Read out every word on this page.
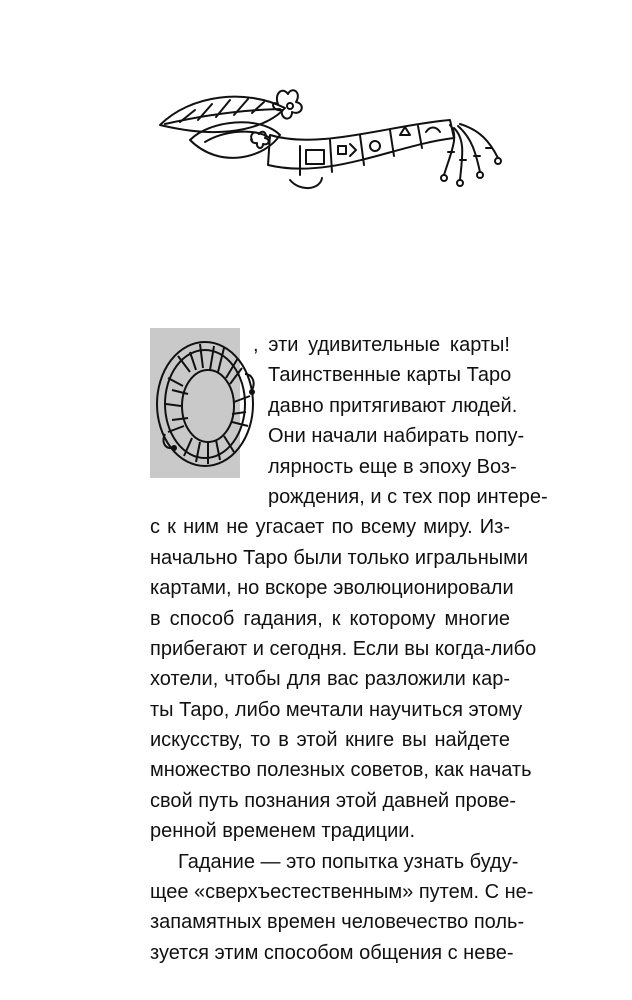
, эти удивительные карты!
Таинственные карты Таро
давно притягивают людей.
Они начали набирать попу-
лярность еще в эпоху Воз-
рождения, и с тех пор интере-
с к ним не угасает по всему миру. Из-
начально Таро были только игральными
картами, но вскоре эволюционировали
в способ гадания, к которому многие
прибегают и сегодня. Если вы когда-либо
хотели, чтобы для вас разложили кар-
ты Таро, либо мечтали научиться этому
искусству, то в этой книге вы найдете
множество полезных советов, как начать
свой путь познания этой давней прове-
ренной временем традиции.
Гадание — это попытка узнать буду-
щее «сверхъестественным» путем. С не-
запамятных времен человечество поль-
зуется этим способом общения с неве-
